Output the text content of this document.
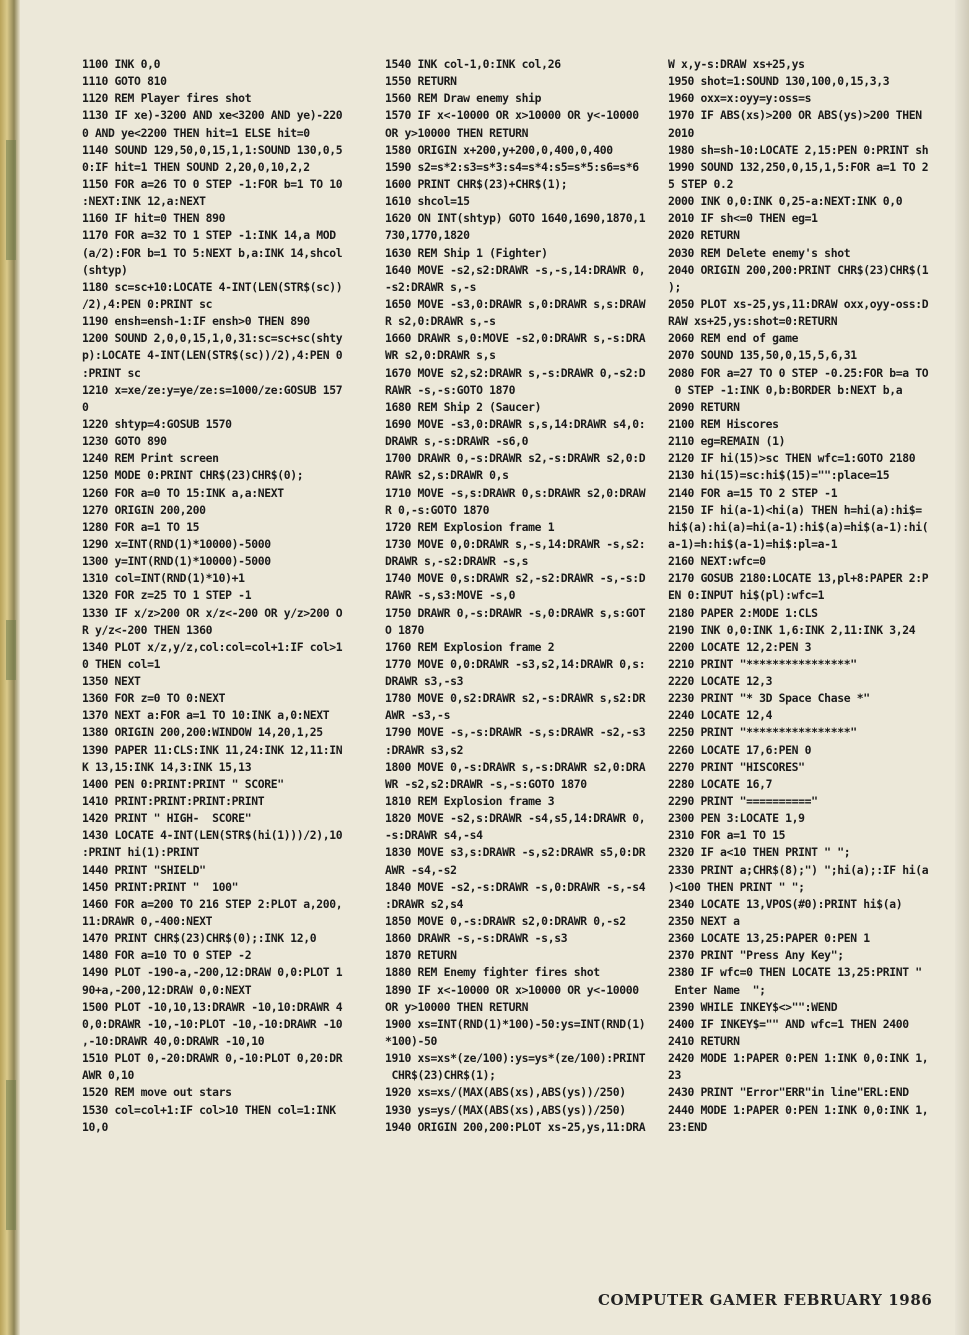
1100 INK 0,0
1110 GOTO 810
1120 REM Player fires shot
1130 IF xe)-3200 AND xe<3200 AND ye)-220
0 AND ye<2200 THEN hit=1 ELSE hit=0
1140 SOUND 129,50,0,15,1,1:SOUND 130,0,5
0:IF hit=1 THEN SOUND 2,20,0,10,2,2
1150 FOR a=26 TO 0 STEP -1:FOR b=1 TO 10
:NEXT:INK 12,a:NEXT
1160 IF hit=0 THEN 890
1170 FOR a=32 TO 1 STEP -1:INK 14,a MOD
(a/2):FOR b=1 TO 5:NEXT b,a:INK 14,shcol
(shtyp)
1180 sc=sc+10:LOCATE 4-INT(LEN(STR$(sc))
/2),4:PEN 0:PRINT sc
1190 ensh=ensh-1:IF ensh>0 THEN 890
1200 SOUND 2,0,0,15,1,0,31:sc=sc+sc(shty
p):LOCATE 4-INT(LEN(STR$(sc))/2),4:PEN 0
:PRINT sc
1210 x=xe/ze:y=ye/ze:s=1000/ze:GOSUB 157
0
1220 shtyp=4:GOSUB 1570
1230 GOTO 890
1240 REM Print screen
1250 MODE 0:PRINT CHR$(23)CHR$(0);
1260 FOR a=0 TO 15:INK a,a:NEXT
1270 ORIGIN 200,200
1280 FOR a=1 TO 15
1290 x=INT(RND(1)*10000)-5000
1300 y=INT(RND(1)*10000)-5000
1310 col=INT(RND(1)*10)+1
1320 FOR z=25 TO 1 STEP -1
1330 IF x/z>200 OR x/z<-200 OR y/z>200 O
R y/z<-200 THEN 1360
1340 PLOT x/z,y/z,col:col=col+1:IF col>1
0 THEN col=1
1350 NEXT
1360 FOR z=0 TO 0:NEXT
1370 NEXT a:FOR a=1 TO 10:INK a,0:NEXT
1380 ORIGIN 200,200:WINDOW 14,20,1,25
1390 PAPER 11:CLS:INK 11,24:INK 12,11:IN
K 13,15:INK 14,3:INK 15,13
1400 PEN 0:PRINT:PRINT " SCORE"
1410 PRINT:PRINT:PRINT:PRINT
1420 PRINT " HIGH-  SCORE"
1430 LOCATE 4-INT(LEN(STR$(hi(1)))/2),10
:PRINT hi(1):PRINT
1440 PRINT "SHIELD"
1450 PRINT:PRINT "  100"
1460 FOR a=200 TO 216 STEP 2:PLOT a,200,
11:DRAWR 0,-400:NEXT
1470 PRINT CHR$(23)CHR$(0);:INK 12,0
1480 FOR a=10 TO 0 STEP -2
1490 PLOT -190-a,-200,12:DRAW 0,0:PLOT 1
90+a,-200,12:DRAW 0,0:NEXT
1500 PLOT -10,10,13:DRAWR -10,10:DRAWR 4
0,0:DRAWR -10,-10:PLOT -10,-10:DRAWR -10
,-10:DRAWR 40,0:DRAWR -10,10
1510 PLOT 0,-20:DRAWR 0,-10:PLOT 0,20:DR
AWR 0,10
1520 REM move out stars
1530 col=col+1:IF col>10 THEN col=1:INK
10,0
1540 INK col-1,0:INK col,26
1550 RETURN
1560 REM Draw enemy ship
1570 IF x<-10000 OR x>10000 OR y<-10000
OR y>10000 THEN RETURN
1580 ORIGIN x+200,y+200,0,400,0,400
1590 s2=s*2:s3=s*3:s4=s*4:s5=s*5:s6=s*6
1600 PRINT CHR$(23)+CHR$(1);
1610 shcol=15
1620 ON INT(shtyp) GOTO 1640,1690,1870,1
730,1770,1820
1630 REM Ship 1 (Fighter)
1640 MOVE -s2,s2:DRAWR -s,-s,14:DRAWR 0,
-s2:DRAWR s,-s
1650 MOVE -s3,0:DRAWR s,0:DRAWR s,s:DRAW
R s2,0:DRAWR s,-s
1660 DRAWR s,0:MOVE -s2,0:DRAWR s,-s:DRA
WR s2,0:DRAWR s,s
1670 MOVE s2,s2:DRAWR s,-s:DRAWR 0,-s2:D
RAWR -s,-s:GOTO 1870
1680 REM Ship 2 (Saucer)
1690 MOVE -s3,0:DRAWR s,s,14:DRAWR s4,0:
DRAWR s,-s:DRAWR -s6,0
1700 DRAWR 0,-s:DRAWR s2,-s:DRAWR s2,0:D
RAWR s2,s:DRAWR 0,s
1710 MOVE -s,s:DRAWR 0,s:DRAWR s2,0:DRAW
R 0,-s:GOTO 1870
1720 REM Explosion frame 1
1730 MOVE 0,0:DRAWR s,-s,14:DRAWR -s,s2:
DRAWR s,-s2:DRAWR -s,s
1740 MOVE 0,s:DRAWR s2,-s2:DRAWR -s,-s:D
RAWR -s,s3:MOVE -s,0
1750 DRAWR 0,-s:DRAWR -s,0:DRAWR s,s:GOT
O 1870
1760 REM Explosion frame 2
1770 MOVE 0,0:DRAWR -s3,s2,14:DRAWR 0,s:
DRAWR s3,-s3
1780 MOVE 0,s2:DRAWR s2,-s:DRAWR s,s2:DR
AWR -s3,-s
1790 MOVE -s,-s:DRAWR -s,s:DRAWR -s2,-s3
:DRAWR s3,s2
1800 MOVE 0,-s:DRAWR s,-s:DRAWR s2,0:DRA
WR -s2,s2:DRAWR -s,-s:GOTO 1870
1810 REM Explosion frame 3
1820 MOVE -s2,s:DRAWR -s4,s5,14:DRAWR 0,
-s:DRAWR s4,-s4
1830 MOVE s3,s:DRAWR -s,s2:DRAWR s5,0:DR
AWR -s4,-s2
1840 MOVE -s2,-s:DRAWR -s,0:DRAWR -s,-s4
:DRAWR s2,s4
1850 MOVE 0,-s:DRAWR s2,0:DRAWR 0,-s2
1860 DRAWR -s,-s:DRAWR -s,s3
1870 RETURN
1880 REM Enemy fighter fires shot
1890 IF x<-10000 OR x>10000 OR y<-10000
OR y>10000 THEN RETURN
1900 xs=INT(RND(1)*100)-50:ys=INT(RND(1)
*100)-50
1910 xs=xs*(ze/100):ys=ys*(ze/100):PRINT
CHR$(23)CHR$(1);
1920 xs=xs/(MAX(ABS(xs),ABS(ys))/250)
1930 ys=ys/(MAX(ABS(xs),ABS(ys))/250)
1940 ORIGIN 200,200:PLOT xs-25,ys,11:DRA
W x,y-s:DRAW xs+25,ys
1950 shot=1:SOUND 130,100,0,15,3,3
1960 oxx=x:oyy=y:oss=s
1970 IF ABS(xs)>200 OR ABS(ys)>200 THEN
2010
1980 sh=sh-10:LOCATE 2,15:PEN 0:PRINT sh
1990 SOUND 132,250,0,15,1,5:FOR a=1 TO 2
5 STEP 0.2
2000 INK 0,0:INK 0,25-a:NEXT:INK 0,0
2010 IF sh<=0 THEN eg=1
2020 RETURN
2030 REM Delete enemy's shot
2040 ORIGIN 200,200:PRINT CHR$(23)CHR$(1
);
2050 PLOT xs-25,ys,11:DRAW oxx,oyy-oss:D
RAW xs+25,ys:shot=0:RETURN
2060 REM end of game
2070 SOUND 135,50,0,15,5,6,31
2080 FOR a=27 TO 0 STEP -0.25:FOR b=a TO
0 STEP -1:INK 0,b:BORDER b:NEXT b,a
2090 RETURN
2100 REM Hiscores
2110 eg=REMAIN (1)
2120 IF hi(15)>sc THEN wfc=1:GOTO 2180
2130 hi(15)=sc:hi$(15)="":place=15
2140 FOR a=15 TO 2 STEP -1
2150 IF hi(a-1)<hi(a) THEN h=hi(a):hi$=
hi$(a):hi(a)=hi(a-1):hi$(a)=hi$(a-1):hi(
a-1)=h:hi$(a-1)=hi$:pl=a-1
2160 NEXT:wfc=0
2170 GOSUB 2180:LOCATE 13,pl+8:PAPER 2:P
EN 0:INPUT hi$(pl):wfc=1
2180 PAPER 2:MODE 1:CLS
2190 INK 0,0:INK 1,6:INK 2,11:INK 3,24
2200 LOCATE 12,2:PEN 3
2210 PRINT "****************"
2220 LOCATE 12,3
2230 PRINT "* 3D Space Chase *"
2240 LOCATE 12,4
2250 PRINT "****************"
2260 LOCATE 17,6:PEN 0
2270 PRINT "HISCORES"
2280 LOCATE 16,7
2290 PRINT "=========="
2300 PEN 3:LOCATE 1,9
2310 FOR a=1 TO 15
2320 IF a<10 THEN PRINT " ";
2330 PRINT a;CHR$(8);") ";hi(a);:IF hi(a
)<100 THEN PRINT " ";
2340 LOCATE 13,VPOS(#0):PRINT hi$(a)
2350 NEXT a
2360 LOCATE 13,25:PAPER 0:PEN 1
2370 PRINT "Press Any Key";
2380 IF wfc=0 THEN LOCATE 13,25:PRINT "
Enter Name  ";
2390 WHILE INKEY$<>"":WEND
2400 IF INKEY$="" AND wfc=1 THEN 2400
2410 RETURN
2420 MODE 1:PAPER 0:PEN 1:INK 0,0:INK 1,
23
2430 PRINT "Error"ERR"in line"ERL:END
2440 MODE 1:PAPER 0:PEN 1:INK 0,0:INK 1,
23:END
COMPUTER GAMER FEBRUARY 1986
